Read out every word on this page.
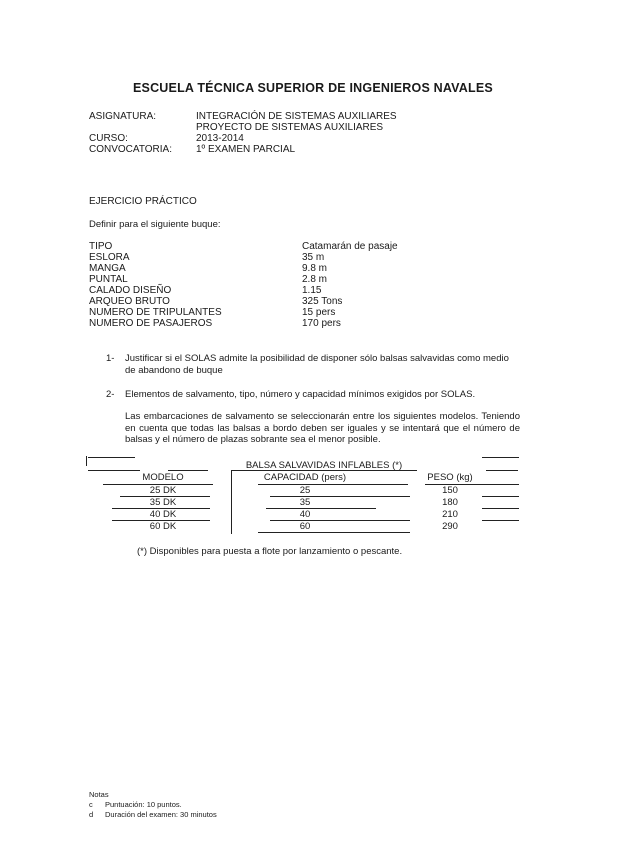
ESCUELA TÉCNICA SUPERIOR DE INGENIEROS NAVALES
ASIGNATURA:	INTEGRACIÓN DE SISTEMAS AUXILIARES
PROYECTO DE SISTEMAS AUXILIARES
CURSO:	2013-2014
CONVOCATORIA: 1º EXAMEN PARCIAL
EJERCICIO PRÁCTICO
Definir para el siguiente buque:
TIPO	Catamarán de pasaje
ESLORA	35 m
MANGA	9.8 m
PUNTAL	2.8 m
CALADO DISEÑO	1.15
ARQUEO BRUTO	325 Tons
NUMERO DE TRIPULANTES	15 pers
NUMERO DE PASAJEROS	170 pers
1- Justificar si el SOLAS admite la posibilidad de disponer sólo balsas salvavidas como medio de abandono de buque
2- Elementos de salvamento, tipo, número y capacidad mínimos exigidos por SOLAS.
Las embarcaciones de salvamento se seleccionarán entre los siguientes modelos. Teniendo en cuenta que todas las balsas a bordo deben ser iguales y se intentará que el número de balsas y el número de plazas sobrante sea el menor posible.
BALSA SALVAVIDAS INFLABLES (*)
MODELO	CAPACIDAD (pers)	PESO (kg)
25 DK	25	150
35 DK	35	180
40 DK	40	210
60 DK	60	290
(*) Disponibles para puesta a flote por lanzamiento o pescante.
Notas
c Puntuación: 10 puntos.
d Duración del examen: 30 minutos
